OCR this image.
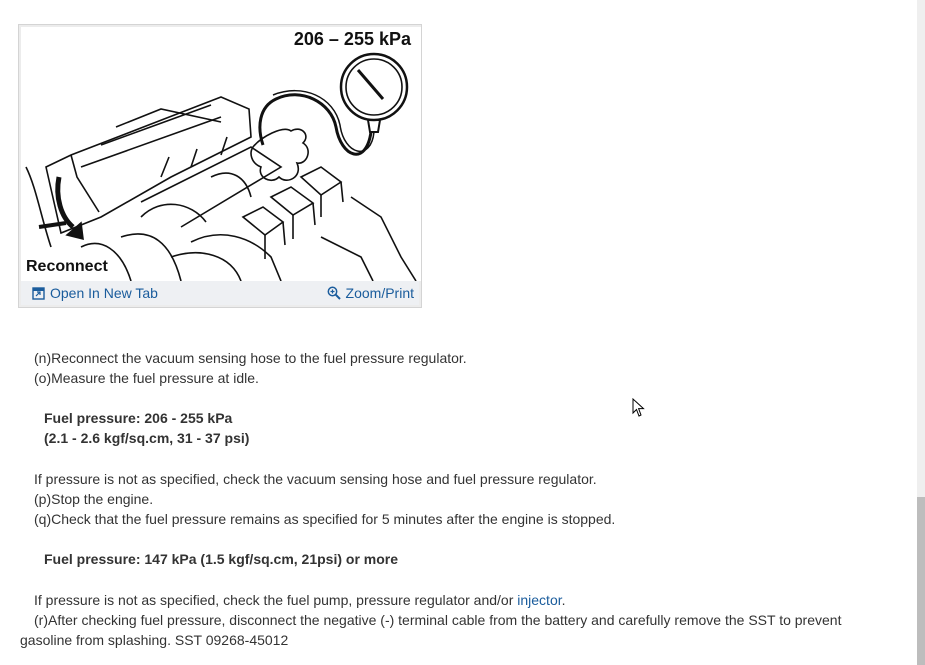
206 – 255 kPa
Reconnect
Open In New Tab	Zoom/Print
(n)Reconnect the vacuum sensing hose to the fuel pressure regulator.
(o)Measure the fuel pressure at idle.
Fuel pressure: 206 - 255 kPa
(2.1 - 2.6 kgf/sq.cm, 31 - 37 psi)
If pressure is not as specified, check the vacuum sensing hose and fuel pressure regulator.
(p)Stop the engine.
(q)Check that the fuel pressure remains as specified for 5 minutes after the engine is stopped.
Fuel pressure: 147 kPa (1.5 kgf/sq.cm, 21psi) or more
If pressure is not as specified, check the fuel pump, pressure regulator and/or injector.
(r)After checking fuel pressure, disconnect the negative (-) terminal cable from the battery and carefully remove the SST to prevent
gasoline from splashing. SST 09268-45012
